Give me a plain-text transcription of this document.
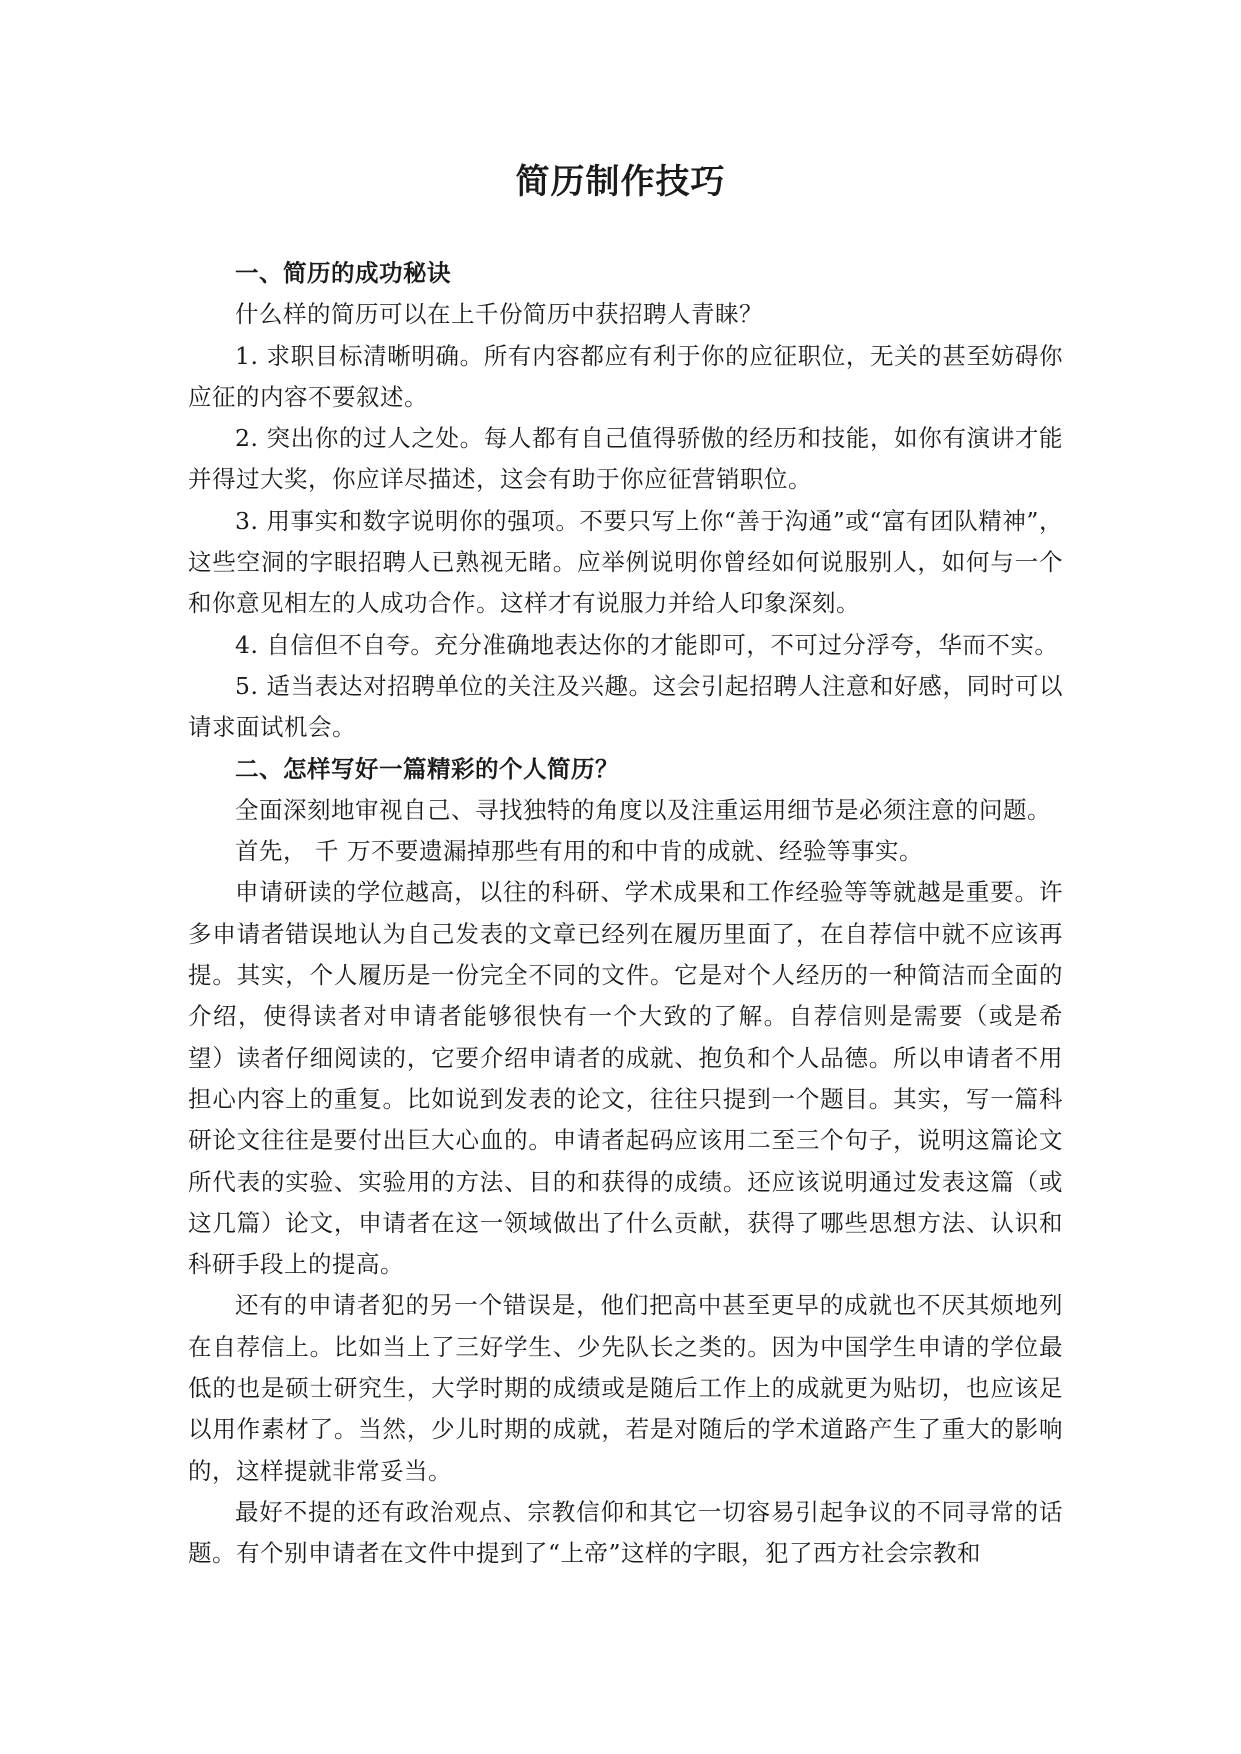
简历制作技巧

一、简历的成功秘诀

什么样的简历可以在上千份简历中获招聘人青睐？

1. 求职目标清晰明确。所有内容都应有利于你的应征职位，无关的甚至妨碍你应征的内容不要叙述。

2. 突出你的过人之处。每人都有自己值得骄傲的经历和技能，如你有演讲才能并得过大奖，你应详尽描述，这会有助于你应征营销职位。

3. 用事实和数字说明你的强项。不要只写上你“善于沟通”或“富有团队精神”，这些空洞的字眼招聘人已熟视无睹。应举例说明你曾经如何说服别人，如何与一个和你意见相左的人成功合作。这样才有说服力并给人印象深刻。

4. 自信但不自夸。充分准确地表达你的才能即可，不可过分浮夸，华而不实。

5. 适当表达对招聘单位的关注及兴趣。这会引起招聘人注意和好感，同时可以请求面试机会。

二、怎样写好一篇精彩的个人简历？

全面深刻地审视自己、寻找独特的角度以及注重运用细节是必须注意的问题。

首先， 千 万不要遗漏掉那些有用的和中肯的成就、经验等事实。

申请研读的学位越高，以往的科研、学术成果和工作经验等等就越是重要。许多申请者错误地认为自己发表的文章已经列在履历里面了，在自荐信中就不应该再提。其实，个人履历是一份完全不同的文件。它是对个人经历的一种简洁而全面的介绍，使得读者对申请者能够很快有一个大致的了解。自荐信则是需要（或是希望）读者仔细阅读的，它要介绍申请者的成就、抱负和个人品德。所以申请者不用担心内容上的重复。比如说到发表的论文，往往只提到一个题目。其实，写一篇科研论文往往是要付出巨大心血的。申请者起码应该用二至三个句子，说明这篇论文所代表的实验、实验用的方法、目的和获得的成绩。还应该说明通过发表这篇（或这几篇）论文，申请者在这一领域做出了什么贡献，获得了哪些思想方法、认识和科研手段上的提高。

还有的申请者犯的另一个错误是，他们把高中甚至更早的成就也不厌其烦地列在自荐信上。比如当上了三好学生、少先队长之类的。因为中国学生申请的学位最低的也是硕士研究生，大学时期的成绩或是随后工作上的成就更为贴切，也应该足以用作素材了。当然，少儿时期的成就，若是对随后的学术道路产生了重大的影响的，这样提就非常妥当。

最好不提的还有政治观点、宗教信仰和其它一切容易引起争议的不同寻常的话题。有个别申请者在文件中提到了“上帝”这样的字眼，犯了西方社会宗教和
